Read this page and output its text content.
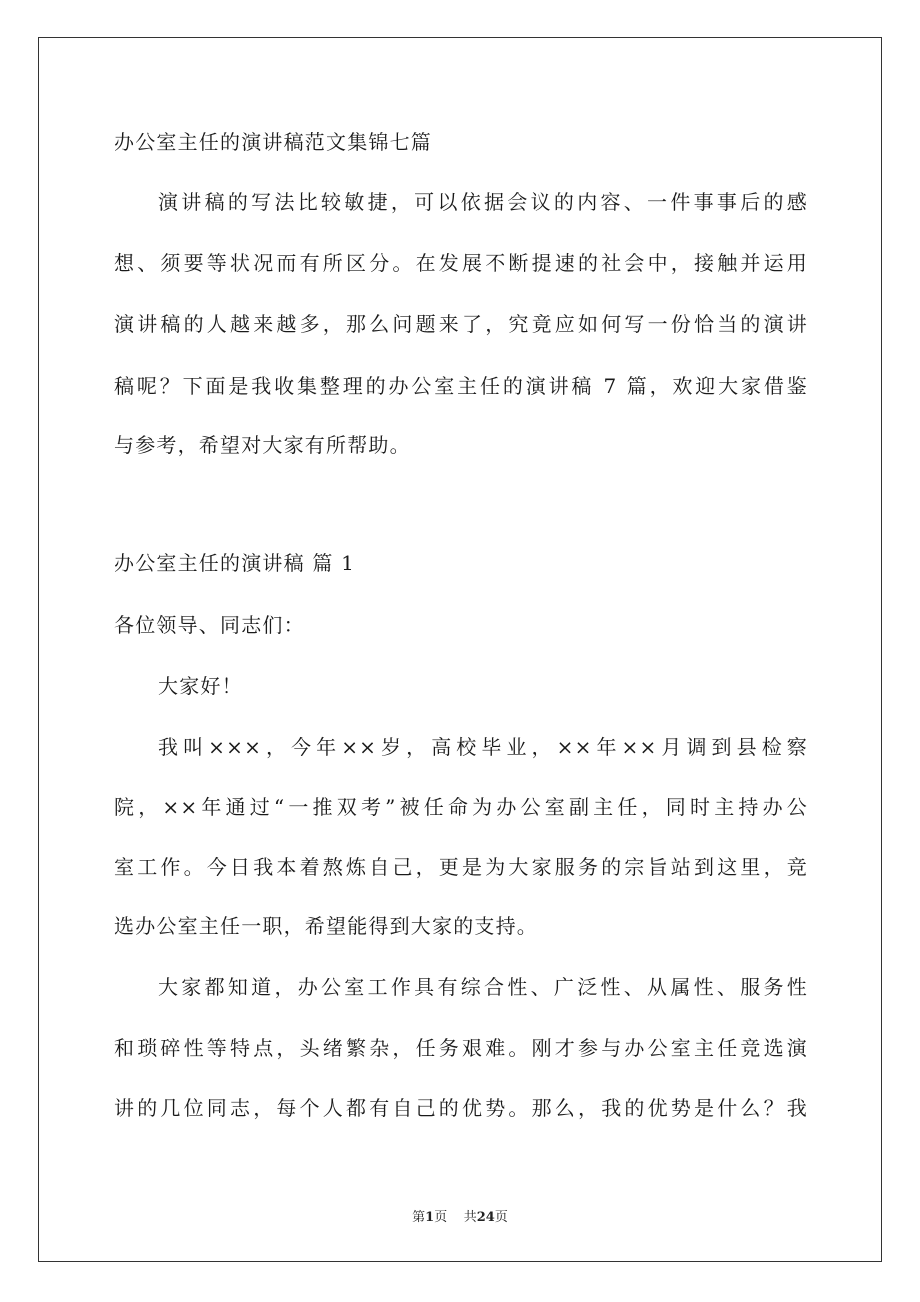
办公室主任的演讲稿范文集锦七篇
演讲稿的写法比较敏捷，可以依据会议的内容、一件事事后的感
想、须要等状况而有所区分。在发展不断提速的社会中，接触并运用
演讲稿的人越来越多，那么问题来了，究竟应如何写一份恰当的演讲
稿呢？下面是我收集整理的办公室主任的演讲稿 7 篇，欢迎大家借鉴
与参考，希望对大家有所帮助。
办公室主任的演讲稿 篇 1
各位领导、同志们：
大家好！
我叫×××，今年××岁，高校毕业，××年××月调到县检察
院，××年通过“一推双考”被任命为办公室副主任，同时主持办公
室工作。今日我本着熬炼自己，更是为大家服务的宗旨站到这里，竞
选办公室主任一职，希望能得到大家的支持。
大家都知道，办公室工作具有综合性、广泛性、从属性、服务性
和琐碎性等特点，头绪繁杂，任务艰难。刚才参与办公室主任竞选演
讲的几位同志，每个人都有自己的优势。那么，我的优势是什么？我
第1页 共24页
